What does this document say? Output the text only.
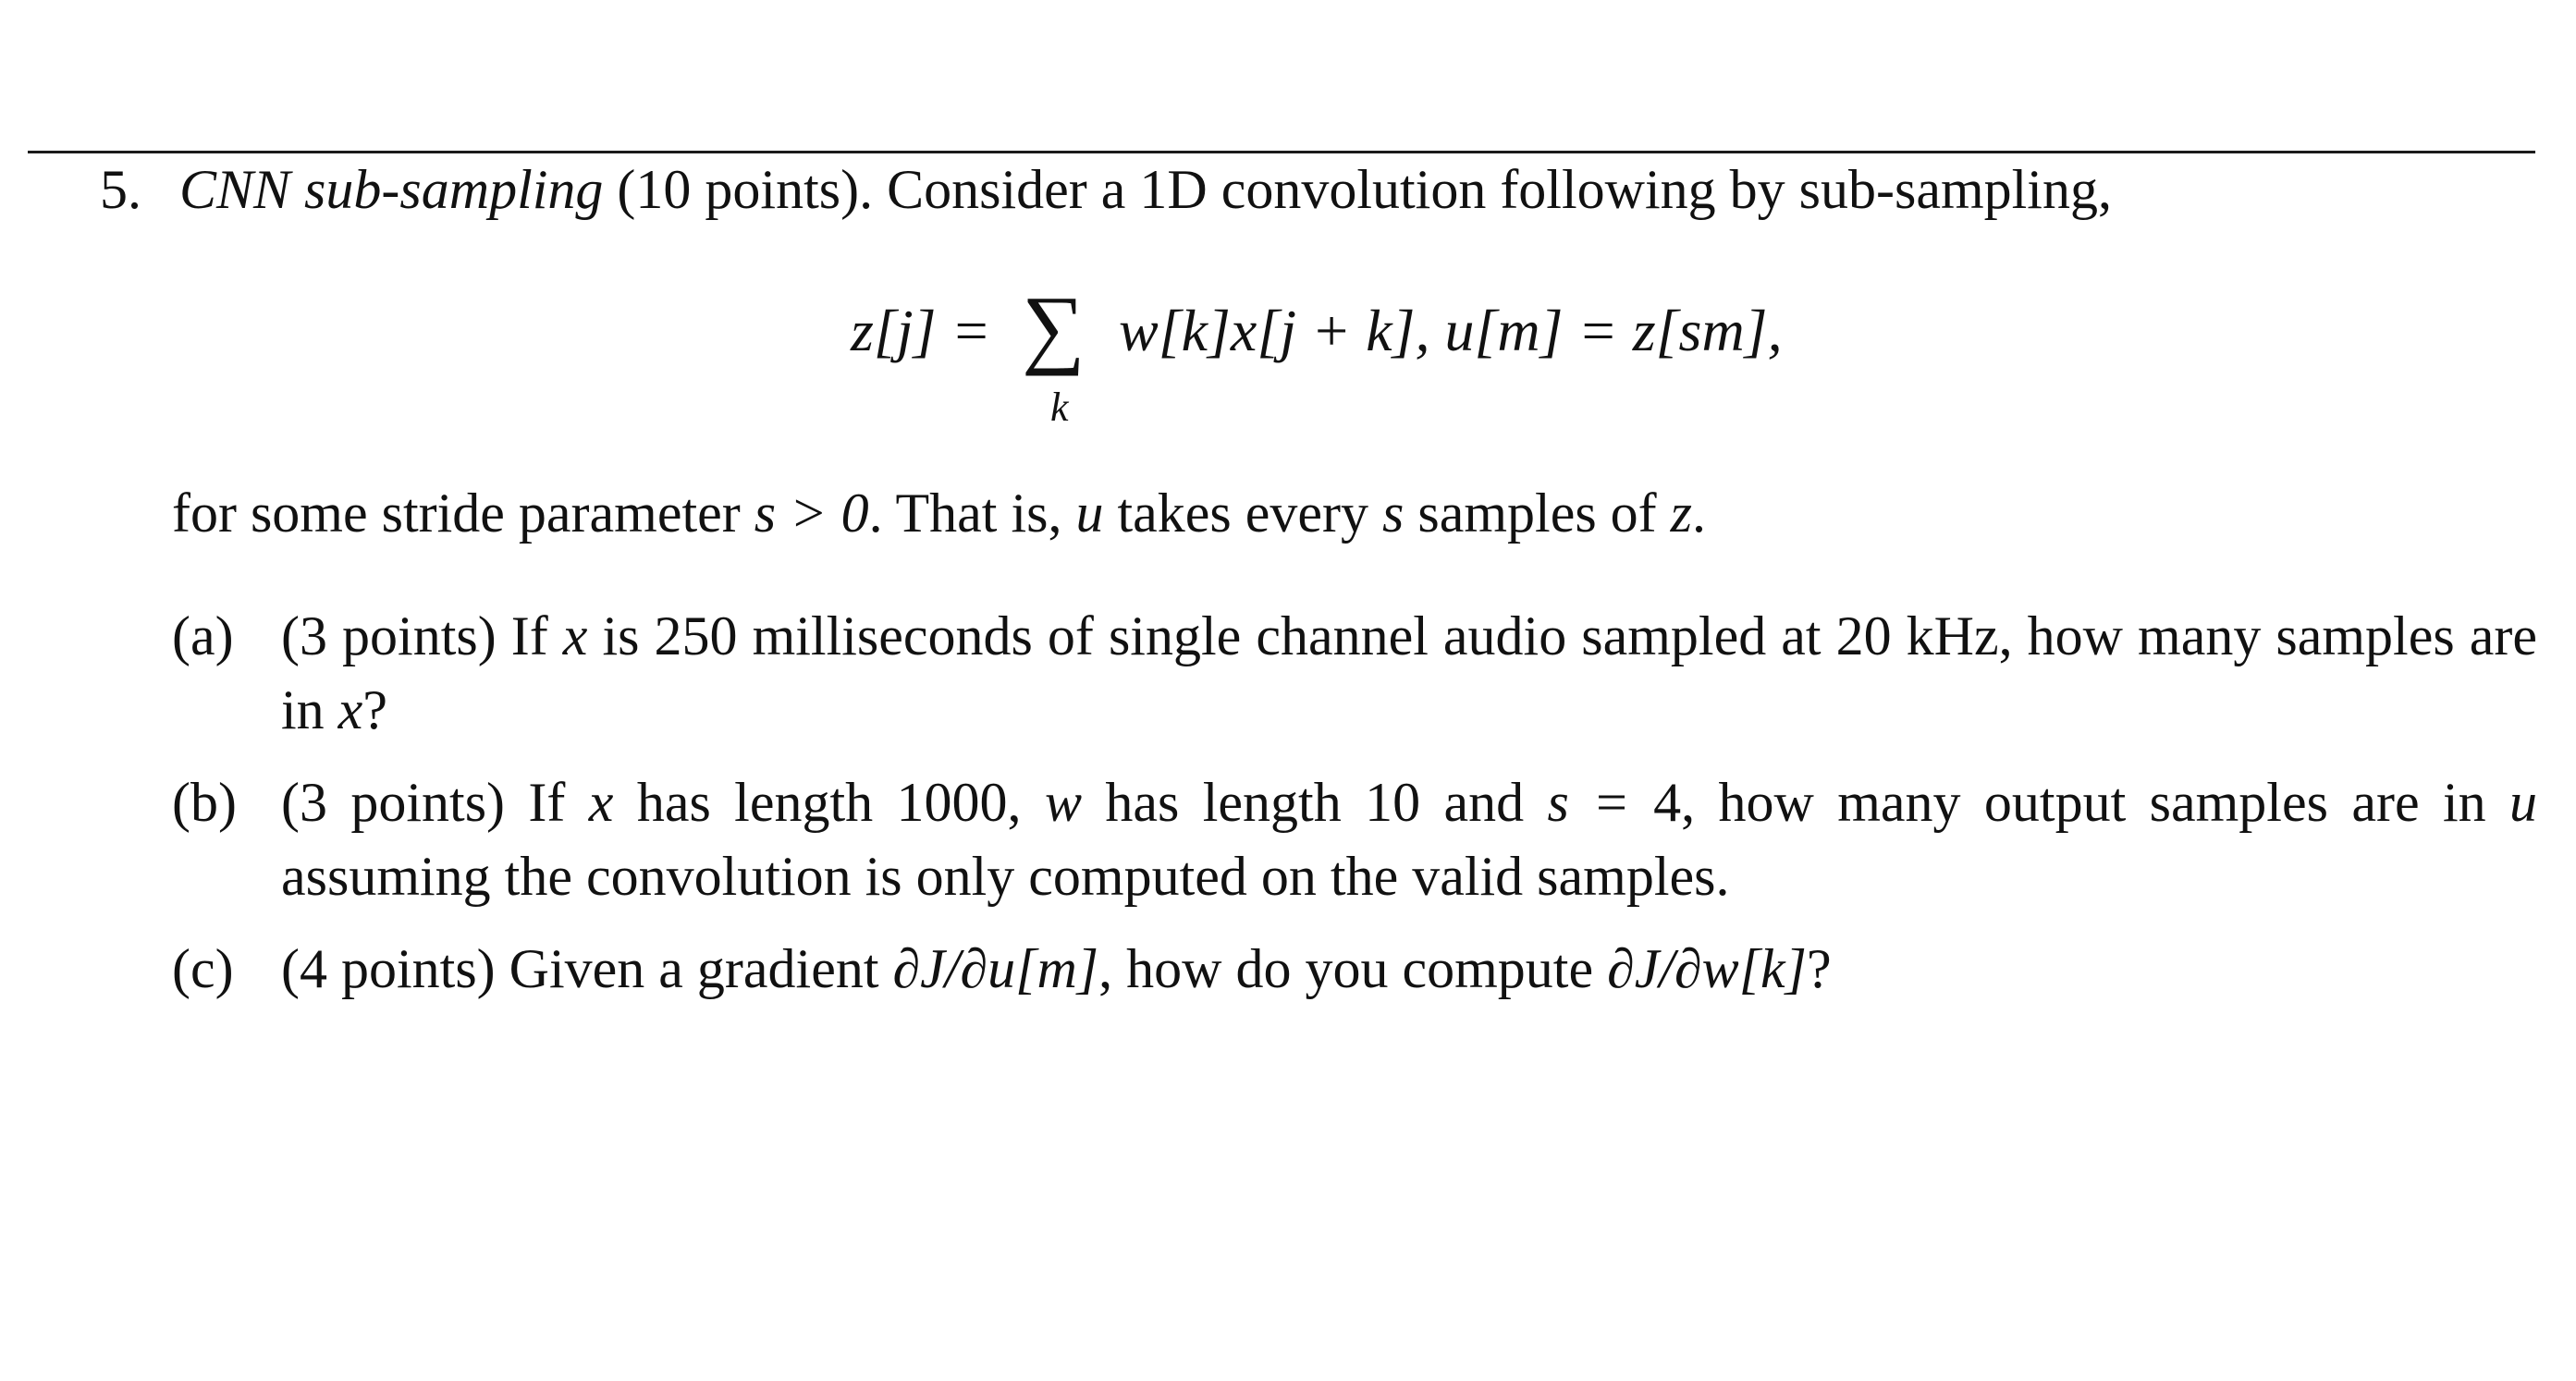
5. CNN sub-sampling (10 points). Consider a 1D convolution following by sub-sampling,
z[j] = ∑
k
w[k]x[j + k], u[m] = z[sm],
for some stride parameter s > 0. That is, u takes every s samples of z.
(a) (3 points) If x is 250 milliseconds of single channel audio sampled at 20 kHz, how many samples are in x?
(b) (3 points) If x has length 1000, w has length 10 and s = 4, how many output samples are in u assuming the convolution is only computed on the valid samples.
(c) (4 points) Given a gradient ∂J/∂u[m], how do you compute ∂J/∂w[k]?
